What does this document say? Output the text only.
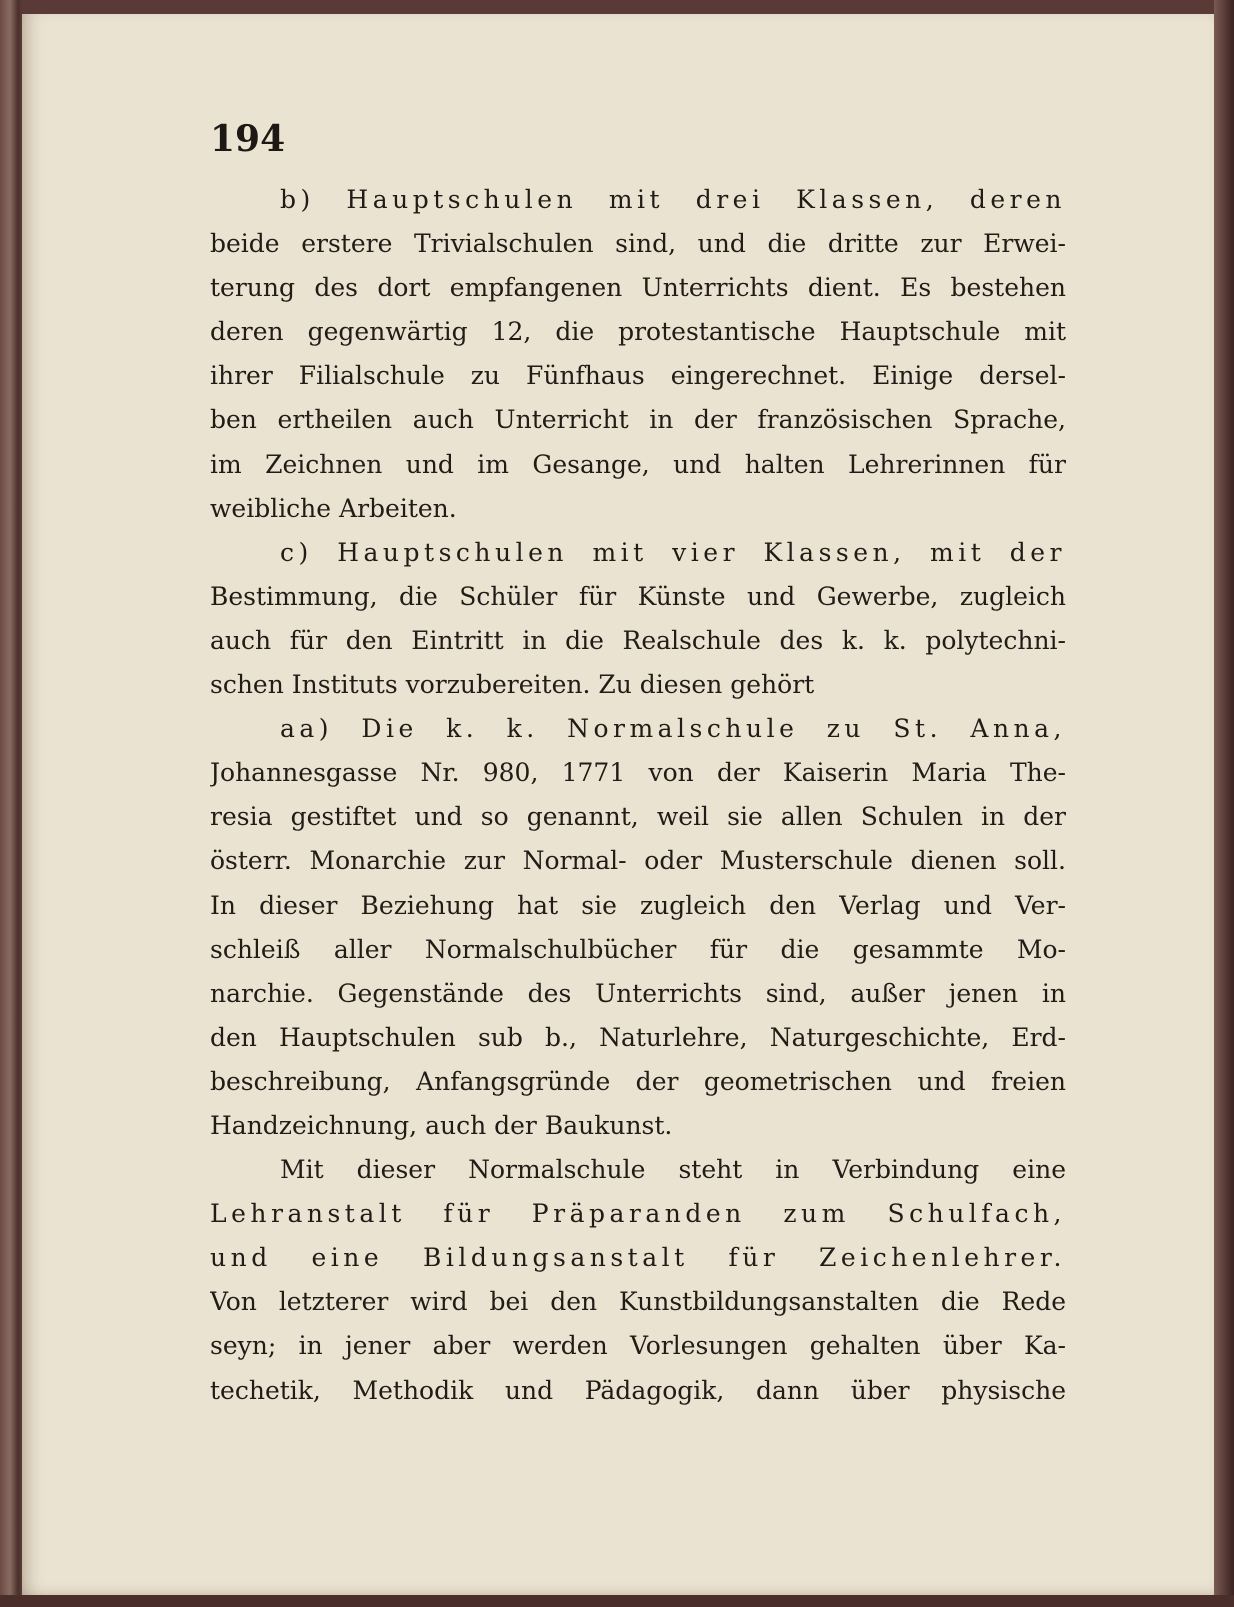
194
b) Hauptschulen mit drei Klassen, deren
beide erstere Trivialschulen sind, und die dritte zur Erwei-
terung des dort empfangenen Unterrichts dient. Es bestehen
deren gegenwärtig 12, die protestantische Hauptschule mit
ihrer Filialschule zu Fünfhaus eingerechnet. Einige dersel-
ben ertheilen auch Unterricht in der französischen Sprache,
im Zeichnen und im Gesange, und halten Lehrerinnen für
weibliche Arbeiten.
c) Hauptschulen mit vier Klassen, mit der
Bestimmung, die Schüler für Künste und Gewerbe, zugleich
auch für den Eintritt in die Realschule des k. k. polytechni-
schen Instituts vorzubereiten. Zu diesen gehört
aa) Die k. k. Normalschule zu St. Anna,
Johannesgasse Nr. 980, 1771 von der Kaiserin Maria The-
resia gestiftet und so genannt, weil sie allen Schulen in der
österr. Monarchie zur Normal- oder Musterschule dienen soll.
In dieser Beziehung hat sie zugleich den Verlag und Ver-
schleiß aller Normalschulbücher für die gesammte Mo-
narchie. Gegenstände des Unterrichts sind, außer jenen in
den Hauptschulen sub b., Naturlehre, Naturgeschichte, Erd-
beschreibung, Anfangsgründe der geometrischen und freien
Handzeichnung, auch der Baukunst.
Mit dieser Normalschule steht in Verbindung eine
Lehranstalt für Präparanden zum Schulfach,
und eine Bildungsanstalt für Zeichenlehrer.
Von letzterer wird bei den Kunstbildungsanstalten die Rede
seyn; in jener aber werden Vorlesungen gehalten über Ka-
techetik, Methodik und Pädagogik, dann über physische
